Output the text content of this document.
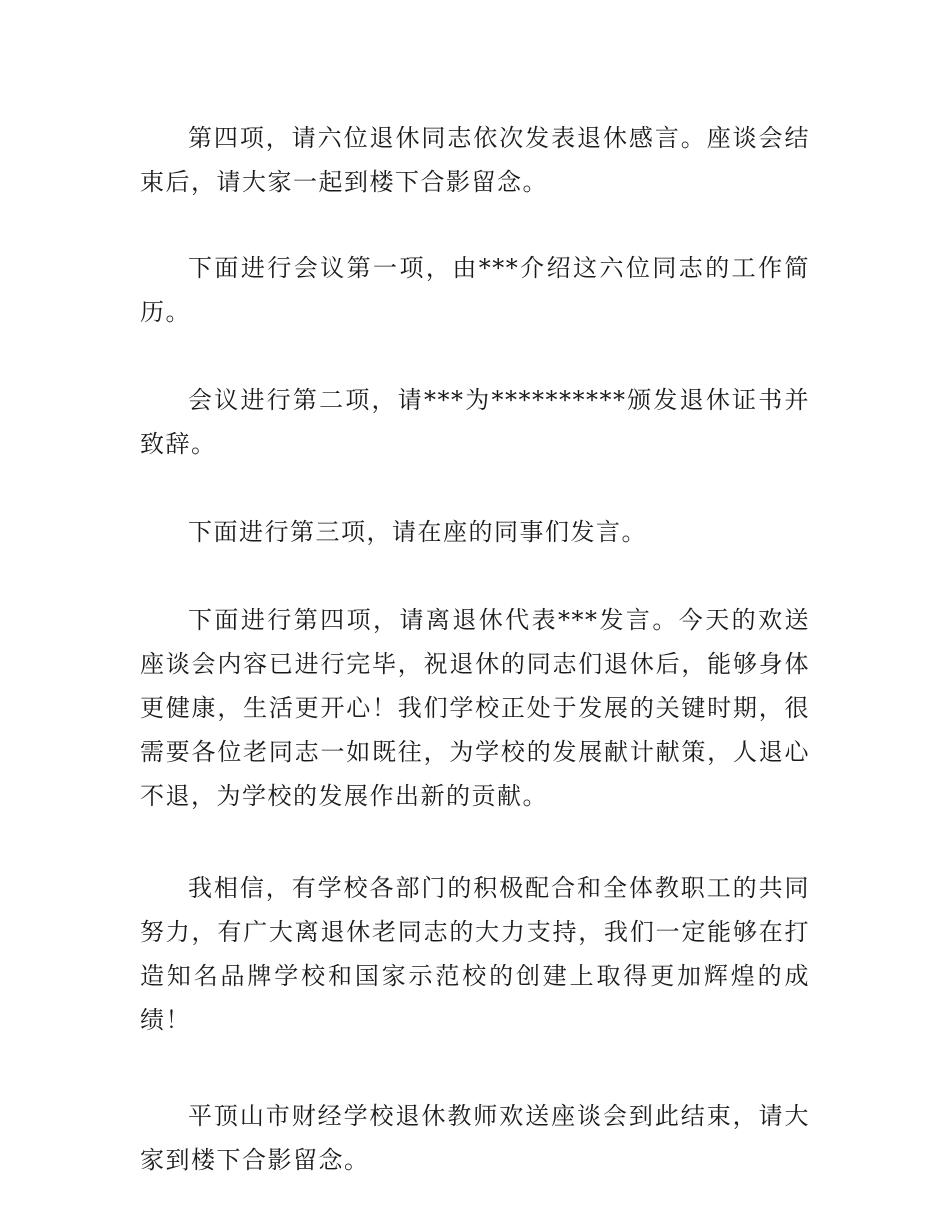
第四项，请六位退休同志依次发表退休感言。座谈会结束后，请大家一起到楼下合影留念。

下面进行会议第一项，由***介绍这六位同志的工作简历。

会议进行第二项，请***为**********颁发退休证书并致辞。

下面进行第三项，请在座的同事们发言。

下面进行第四项，请离退休代表***发言。今天的欢送座谈会内容已进行完毕，祝退休的同志们退休后，能够身体更健康，生活更开心！我们学校正处于发展的关键时期，很需要各位老同志一如既往，为学校的发展献计献策，人退心不退，为学校的发展作出新的贡献。

我相信，有学校各部门的积极配合和全体教职工的共同努力，有广大离退休老同志的大力支持，我们一定能够在打造知名品牌学校和国家示范校的创建上取得更加辉煌的成绩！

平顶山市财经学校退休教师欢送座谈会到此结束，请大家到楼下合影留念。
